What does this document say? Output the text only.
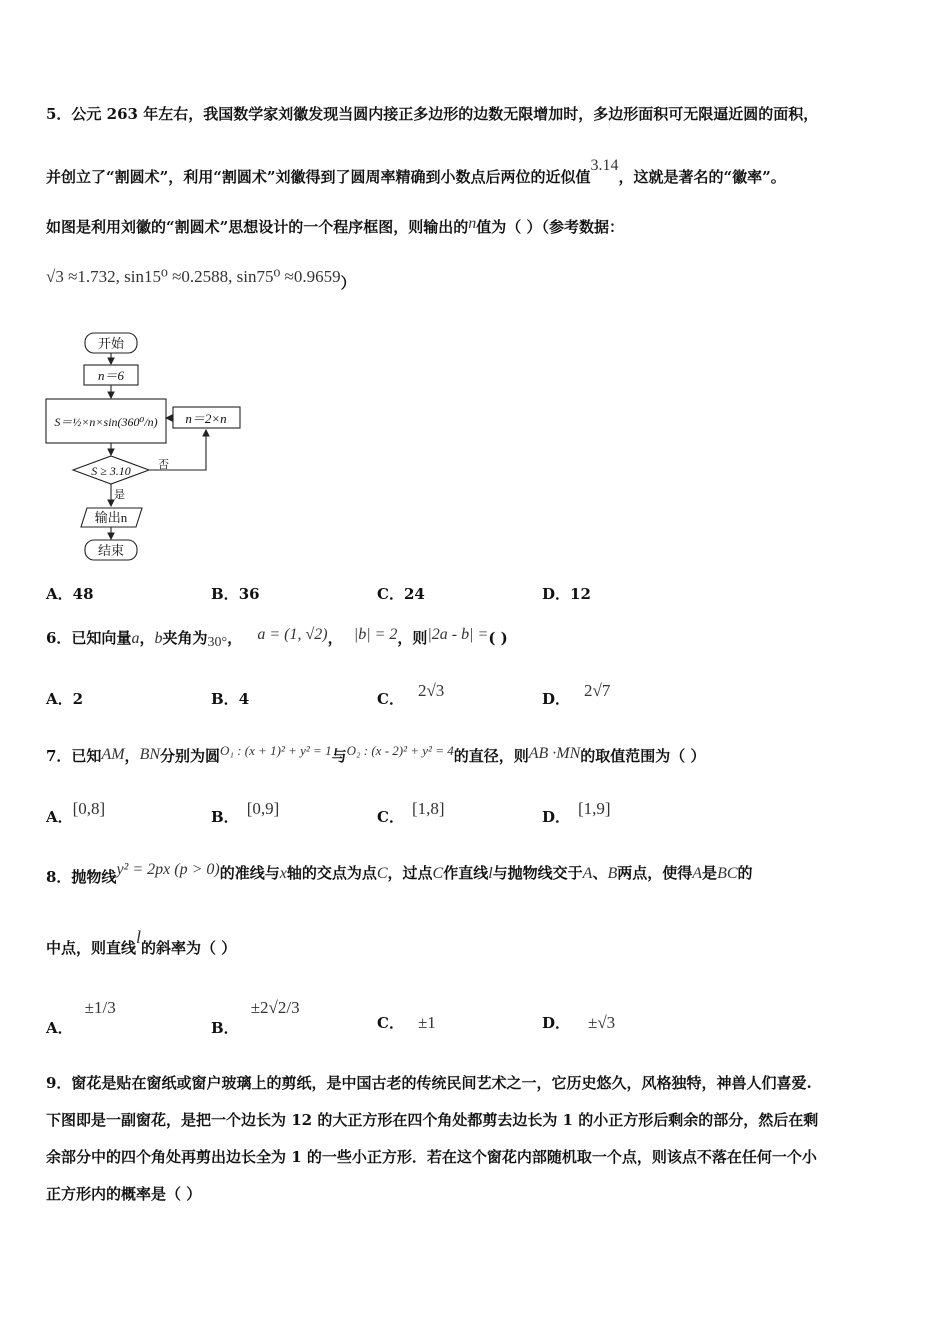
5．公元 263 年左右，我国数学家刘徽发现当圆内接正多边形的边数无限增加时，多边形面积可无限逼近圆的面积，
并创立了“割圆术”，利用“割圆术”刘徽得到了圆周率精确到小数点后两位的近似值3.14，这就是著名的“徽率”。
如图是利用刘徽的“割圆术”思想设计的一个程序框图，则输出的n值为（ ）（参考数据：
√3 ≈1.732, sin15⁰ ≈0.2588, sin75⁰ ≈0.9659）
开始
n＝6
S＝½×n×sin(360⁰/n) n＝2×n
S ≥ 3.10 否
是
输出n
结束
A．48	B．36	C．24	D．12
6．已知向量a，b夹角为30°， a = (1, √2)， |b| = 2，则|2a - b| =( )
A．2	B．4	C． 2√3	D． 2√7
7．已知AM，BN分别为圆O₁ : (x + 1)² + y² = 1与O₂ : (x - 2)² + y² = 4的直径，则AB ·MN的取值范围为（ ）
A．[0,8]	B． [0,9]	C． [1,8]	D． [1,9]
8．抛物线y² = 2px (p > 0)的准线与x轴的交点为点C，过点C作直线l与抛物线交于A、B两点，使得A是BC的
中点，则直线l的斜率为（ ）
A．±1/3
B．±2√2/3
C． ±1	D． ±√3
9．窗花是贴在窗纸或窗户玻璃上的剪纸，是中国古老的传统民间艺术之一，它历史悠久，风格独特，神兽人们喜爱.
下图即是一副窗花，是把一个边长为 12 的大正方形在四个角处都剪去边长为 1 的小正方形后剩余的部分，然后在剩
余部分中的四个角处再剪出边长全为 1 的一些小正方形．若在这个窗花内部随机取一个点，则该点不落在任何一个小
正方形内的概率是（ ）
